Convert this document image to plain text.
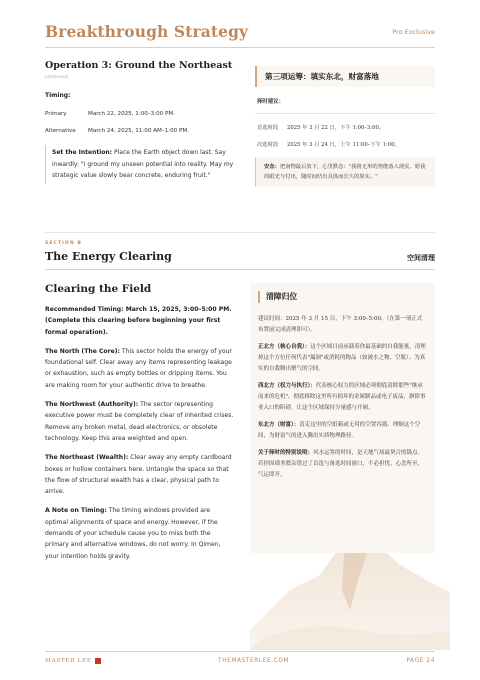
Breakthrough Strategy	Pro Exclusive
Operation 3: Ground the Northeast
continued
Timing:
Primary	March 22, 2025, 1:00–3:00 PM.
Alternative	March 24, 2025, 11:00 AM–1:00 PM.
Set the Intention: Place the Earth object down last. Say inwardly: "I ground my unseen potential into reality. May my strategic value slowly bear concrete, enduring fruit."
第三项运筹：填实东北，财富落地
择时建议：
首选时段	2025 年 3 月 22 日，下午 1:00–3:00。
次选时段	2025 年 3 月 24 日，上午 11:00–下午 1:00。
安念：把南物最后放下，心里默念："我将无形的势能落入现实。愿我的眼光与付出，随时间结出具体而长久的果实。"
SECTION B
The Energy Clearing	空间清理
Clearing the Field
Recommended Timing: March 15, 2025, 3:00–5:00 PM. (Complete this clearing before beginning your first formal operation).
The North (The Core): This sector holds the energy of your foundational self. Clear away any items representing leakage or exhaustion, such as empty bottles or dripping items. You are making room for your authentic drive to breathe.
The Northwest (Authority): The sector representing executive power must be completely clear of inherited crises. Remove any broken metal, dead electronics, or obsolete technology. Keep this area weighted and open.
The Northeast (Wealth): Clear away any empty cardboard boxes or hollow containers here. Untangle the space so that the flow of structural wealth has a clear, physical path to arrive.
A Note on Timing: The timing windows provided are optimal alignments of space and energy. However, if the demands of your schedule cause you to miss both the primary and alternative windows, do not worry. In Qimen, your intention holds gravity.
清障归位
建议时间：2025 年 3 月 15 日，下午 3:00–5:00。（在第一项正式布置前完成清理即可）。
正北方（核心自我）：这个区域目前承载着你最基础的自我能量。清理掉这个方位任何代表"漏洞"或消耗的物品（如被水之物、空瓶）。为真实的自我腾出聚气的空间。
西北方（权力与执行）：代表核心权力的区域必须彻底清除那些"继承而来的危机"。彻底移除这里所有损坏的金属制品或电子废品，摒除事业入口的阻碍。让这个区域保持分量感与开阔。
东北方（财富）：清走这里的空纸箱或无用的空置容器。理顺这个空间，为财富气的进入腾出实质物理路径。
关于择时的特别说明：风水运筹的时间，是天地气场最契合的锚点。若你因琐务繁杂错过了首选与备选时间窗口，不必担忧。心念所至，气运即开。
MASTER LEE	THEMASTERLEE.COM	PAGE 24
